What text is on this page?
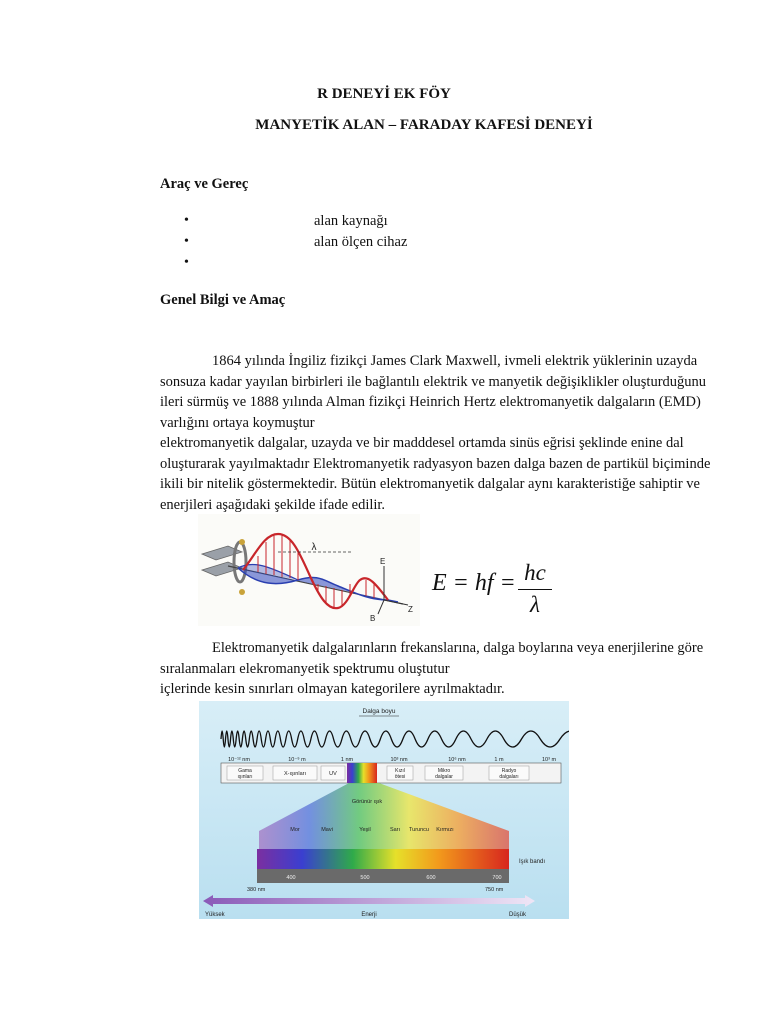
R DENEYİ EK FÖY
MANYETİK ALAN – FARADAY KAFESİ DENEYİ
Araç ve Gereç
•	alan kaynağı
•	alan ölçen cihaz
•
Genel Bilgi ve Amaç
1864 yılında İngiliz fizikçi James Clark Maxwell, ivmeli elektrik yüklerinin uzayda
sonsuza kadar yayılan birbirleri ile bağlantılı elektrik ve manyetik değişiklikler oluşturduğunu
ileri sürmüş ve 1888 yılında Alman fizikçi Heinrich Hertz elektromanyetik dalgaların (EMD)
varlığını ortaya koymuştur
elektromanyetik dalgalar, uzayda ve bir madddesel ortamda sinüs eğrisi şeklinde enine dal
oluşturarak yayılmaktadır Elektromanyetik radyasyon bazen dalga bazen de partikül biçiminde
ikili bir nitelik göstermektedir. Bütün elektromanyetik dalgalar aynı karakteristiğe sahiptir ve
enerjileri aşağıdaki şekilde ifade edilir.
λ
E
B
Z
E = hf = hc
λ
Elektromanyetik dalgalarınların frekanslarına, dalga boylarına veya enerjilerine göre
sıralanmaları elekromanyetik spektrumu oluştutur
içlerinde kesin sınırları olmayan kategorilere ayrılmaktadır.
Dalga boyu
10⁻¹² nm	10⁻⁹ m	1 nm	10³ nm	10⁶ nm	1 m	10³ m
Gama
ışınları	X-ışınları	UV	Kızıl
ötesi
Mikro
dalgalar
Radyo
dalgaları
Görünür ışık
Mor	Mavi	Yeşil	Sarı Turuncu Kırmızı
Işık bandı
400	500	600	700
380 nm	750 nm
Yüksek	Enerji	Düşük
